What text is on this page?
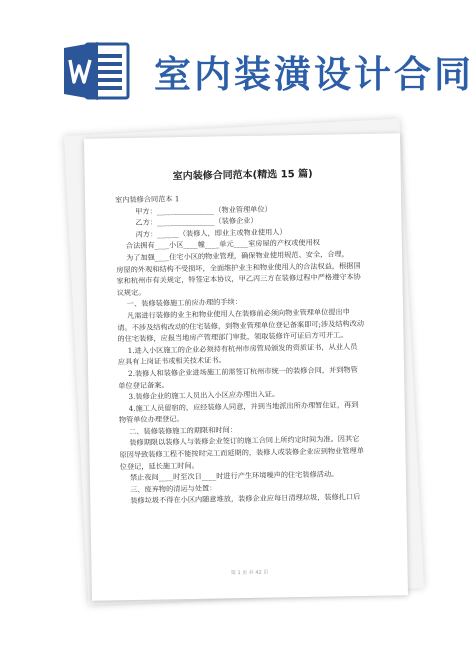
室内装潢设计合同
室内装修合同范本(精选 15 篇)
室内装修合同范本 1
甲方：________________（物业管理单位）
乙方：________________（装修企业）
丙方：______（装修人，即业主或物业使用人）
合法拥有____小区____幢____单元____室房屋的产权或使用权
为了加强____住宅小区的物业管理，确保物业使用规范、安全，合理，
房屋的外观和结构不受损坏，全面维护业主和物业使用人的合法权益，根据国
家和杭州市有关规定，特签定本协议，甲乙丙三方在装修过程中严格遵守本协
议规定。
一、装修装修施工前应办理的手续：
凡需进行装修的业主和物业使用人在装修前必须向物业管理单位提出申
请。不涉及结构改动的住宅装修，到物业管理单位登记备案即可;涉及结构改动
的住宅装修，应报当地房产管理部门审批，领取装修许可证后方可开工。
1.进入小区施工的企业必须持有杭州市房管局颁发的资质证书，从业人员
应具有上岗证书或相关技术证书。
2.装修人和装修企业进场施工前需签订杭州市统一的装修合同，并到物管
单位登记备案。
3.装修企业的施工人员出入小区应办理出入证。
4.施工人员留宿的，应经装修人同意，并到当地派出所办理暂住证，再到
物管单位办理登记。
二、装修装修施工的期限和时间：
装修期限以装修人与装修企业签订的施工合同上所约定时间为准。因其它
原因导致装修工程不能按时完工而延期的，装修人或装修企业应到物业管理单
位登记，延长施工时间。
禁止夜间____时至次日____时进行产生环境噪声的住宅装修活动。
三、废弃物的清运与处置：
装修垃圾不得在小区内随意堆放，装修企业应每日清理垃圾，装修扎口后
第 1 页 共 42 页
